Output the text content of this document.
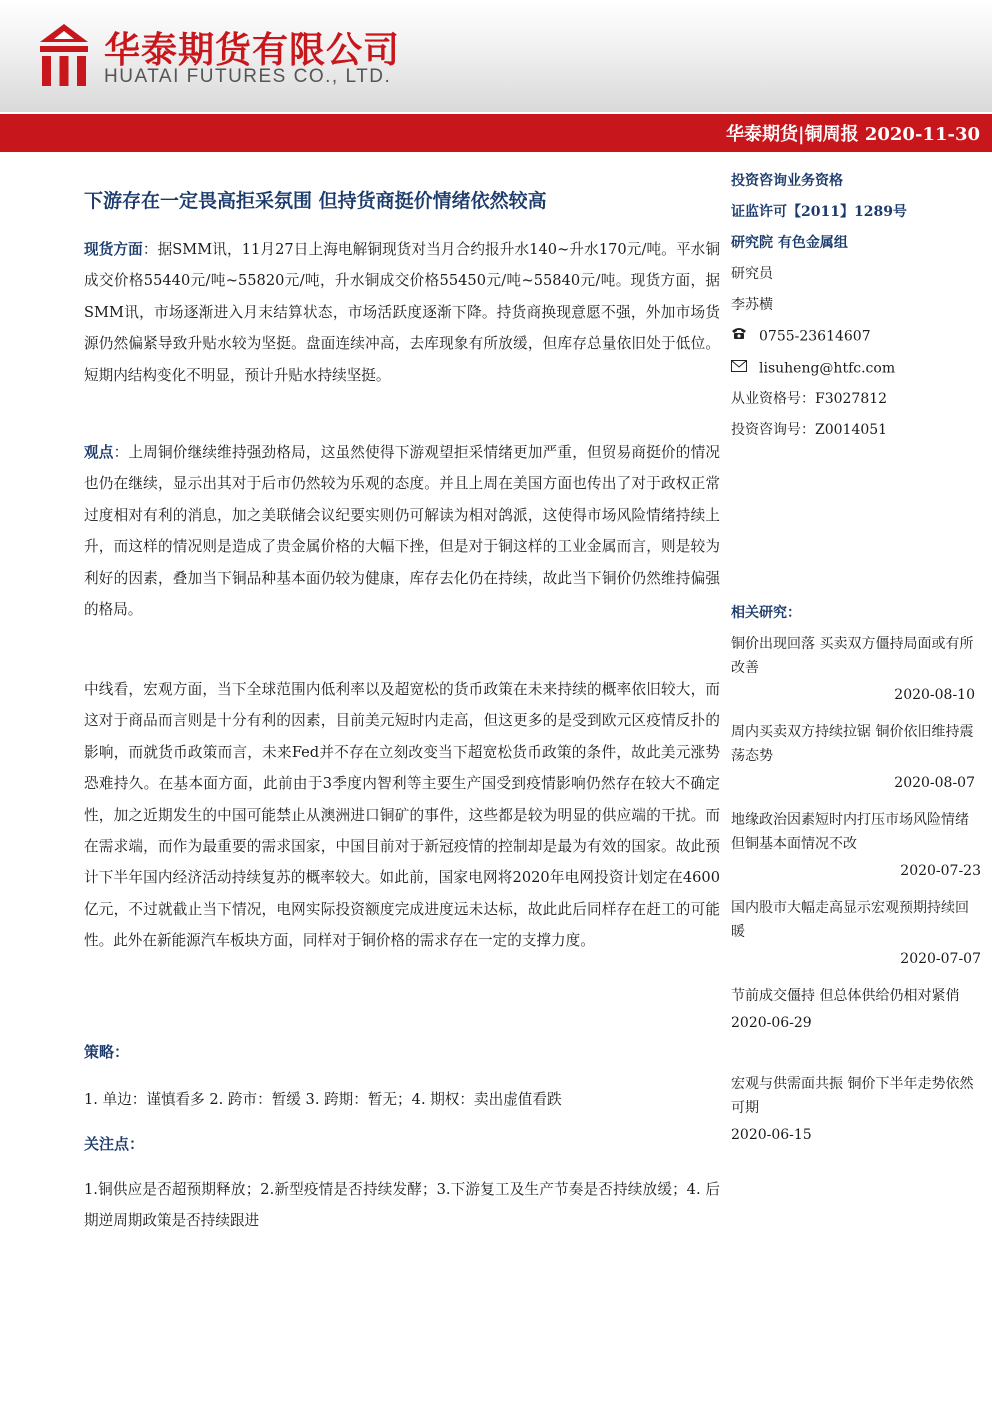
华泰期货有限公司
HUATAI FUTURES CO., LTD.
华泰期货|铜周报 2020-11-30
下游存在一定畏高拒采氛围 但持货商挺价情绪依然较高

现货方面：据SMM讯，11月27日上海电解铜现货对当月合约报升水140~升水170元/吨。平水铜成交价格55440元/吨~55820元/吨，升水铜成交价格55450元/吨~55840元/吨。现货方面，据SMM讯，市场逐渐进入月末结算状态，市场活跃度逐渐下降。持货商换现意愿不强，外加市场货源仍然偏紧导致升贴水较为坚挺。盘面连续冲高，去库现象有所放缓，但库存总量依旧处于低位。短期内结构变化不明显，预计升贴水持续坚挺。

观点：上周铜价继续维持强劲格局，这虽然使得下游观望拒采情绪更加严重，但贸易商挺价的情况也仍在继续，显示出其对于后市仍然较为乐观的态度。并且上周在美国方面也传出了对于政权正常过度相对有利的消息，加之美联储会议纪要实则仍可解读为相对鸽派，这使得市场风险情绪持续上升，而这样的情况则是造成了贵金属价格的大幅下挫，但是对于铜这样的工业金属而言，则是较为利好的因素，叠加当下铜品种基本面仍较为健康，库存去化仍在持续，故此当下铜价仍然维持偏强的格局。

中线看，宏观方面，当下全球范围内低利率以及超宽松的货币政策在未来持续的概率依旧较大，而这对于商品而言则是十分有利的因素，目前美元短时内走高，但这更多的是受到欧元区疫情反扑的影响，而就货币政策而言，未来Fed并不存在立刻改变当下超宽松货币政策的条件，故此美元涨势恐难持久。在基本面方面，此前由于3季度内智利等主要生产国受到疫情影响仍然存在较大不确定性，加之近期发生的中国可能禁止从澳洲进口铜矿的事件，这些都是较为明显的供应端的干扰。而在需求端，而作为最重要的需求国家，中国目前对于新冠疫情的控制却是最为有效的国家。故此预计下半年国内经济活动持续复苏的概率较大。如此前，国家电网将2020年电网投资计划定在4600亿元，不过就截止当下情况，电网实际投资额度完成进度远未达标，故此此后同样存在赶工的可能性。此外在新能源汽车板块方面，同样对于铜价格的需求存在一定的支撑力度。

策略：
1. 单边：谨慎看多 2. 跨市：暂缓 3. 跨期：暂无；4. 期权：卖出虚值看跌
关注点：

1.铜供应是否超预期释放；2.新型疫情是否持续发酵；3.下游复工及生产节奏是否持续放缓；4. 后期逆周期政策是否持续跟进

投资咨询业务资格
证监许可【2011】1289号
研究院 有色金属组
研究员
李苏横
0755-23614607
lisuheng@htfc.com
从业资格号：F3027812
投资咨询号：Z0014051
相关研究：
铜价出现回落 买卖双方僵持局面或有所改善
2020-08-10
周内买卖双方持续拉锯 铜价依旧维持震荡态势
2020-08-07
地缘政治因素短时内打压市场风险情绪 但铜基本面情况不改
2020-07-23
国内股市大幅走高显示宏观预期持续回暖
2020-07-07
节前成交僵持 但总体供给仍相对紧俏
2020-06-29
宏观与供需面共振 铜价下半年走势依然可期
2020-06-15
